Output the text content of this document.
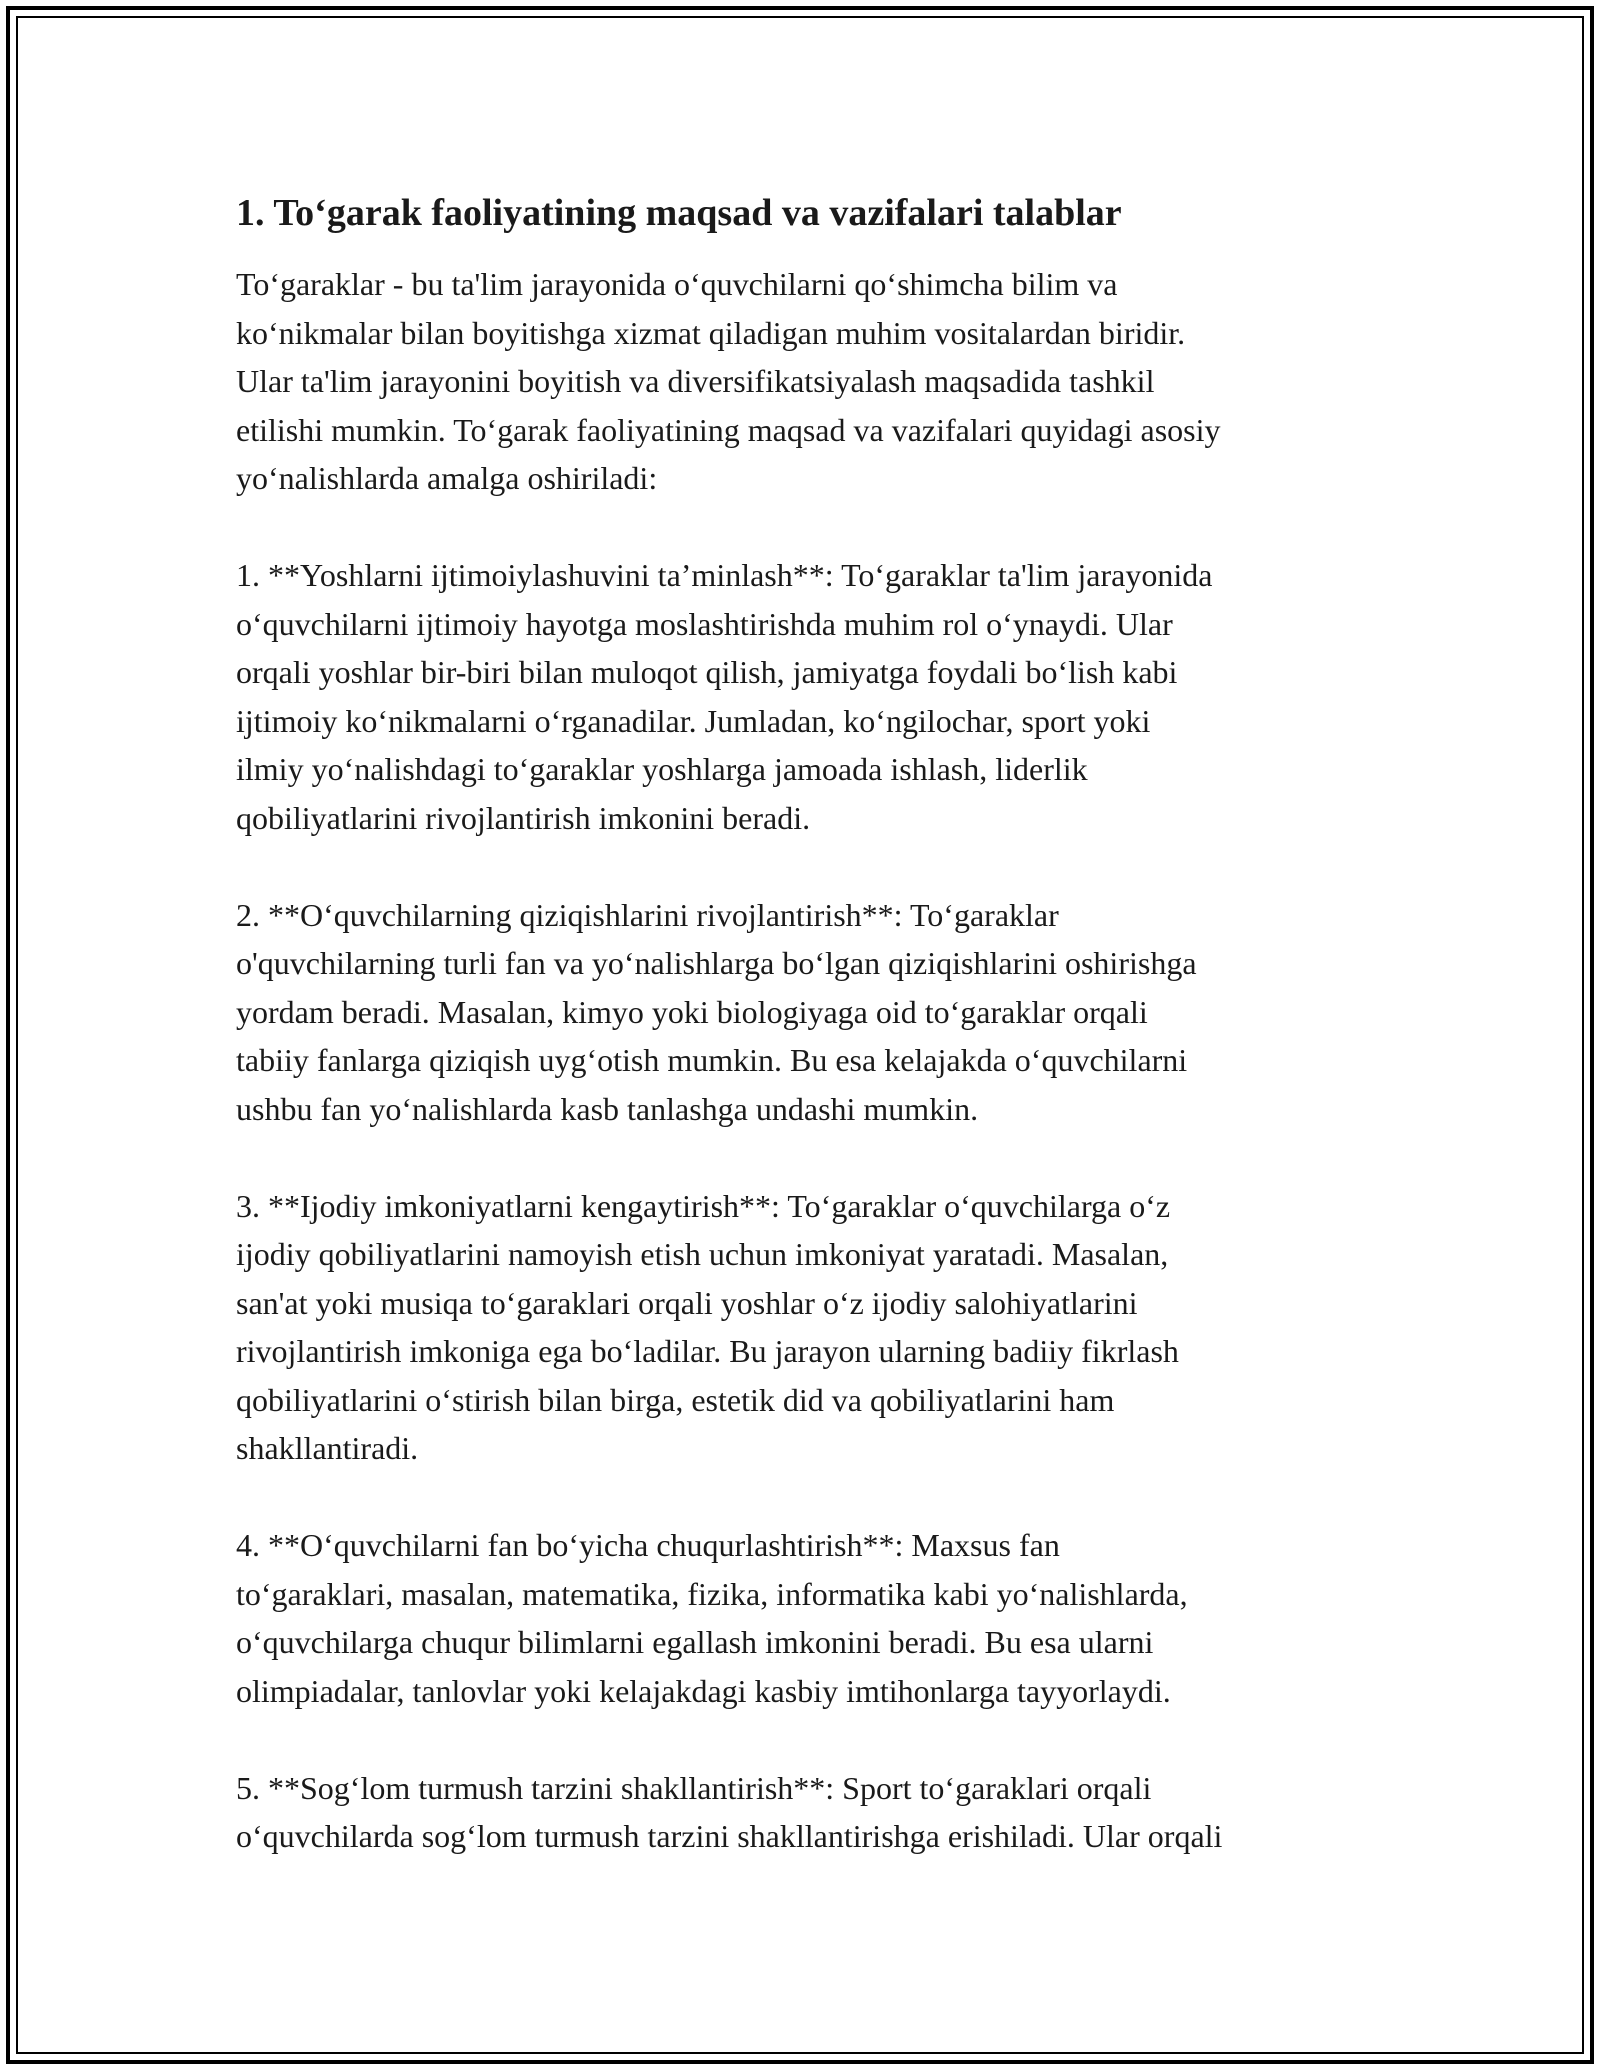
1. To‘garak faoliyatining maqsad va vazifalari talablar

To‘garaklar - bu ta'lim jarayonida o‘quvchilarni qo‘shimcha bilim va
ko‘nikmalar bilan boyitishga xizmat qiladigan muhim vositalardan biridir.
Ular ta'lim jarayonini boyitish va diversifikatsiyalash maqsadida tashkil
etilishi mumkin. To‘garak faoliyatining maqsad va vazifalari quyidagi asosiy
yo‘nalishlarda amalga oshiriladi:

1. **Yoshlarni ijtimoiylashuvini ta’minlash**: To‘garaklar ta'lim jarayonida
o‘quvchilarni ijtimoiy hayotga moslashtirishda muhim rol o‘ynaydi. Ular
orqali yoshlar bir-biri bilan muloqot qilish, jamiyatga foydali bo‘lish kabi
ijtimoiy ko‘nikmalarni o‘rganadilar. Jumladan, ko‘ngilochar, sport yoki
ilmiy yo‘nalishdagi to‘garaklar yoshlarga jamoada ishlash, liderlik
qobiliyatlarini rivojlantirish imkonini beradi.

2. **O‘quvchilarning qiziqishlarini rivojlantirish**: To‘garaklar
o'quvchilarning turli fan va yo‘nalishlarga bo‘lgan qiziqishlarini oshirishga
yordam beradi. Masalan, kimyo yoki biologiyaga oid to‘garaklar orqali
tabiiy fanlarga qiziqish uyg‘otish mumkin. Bu esa kelajakda o‘quvchilarni
ushbu fan yo‘nalishlarda kasb tanlashga undashi mumkin.

3. **Ijodiy imkoniyatlarni kengaytirish**: To‘garaklar o‘quvchilarga o‘z
ijodiy qobiliyatlarini namoyish etish uchun imkoniyat yaratadi. Masalan,
san'at yoki musiqa to‘garaklari orqali yoshlar o‘z ijodiy salohiyatlarini
rivojlantirish imkoniga ega bo‘ladilar. Bu jarayon ularning badiiy fikrlash
qobiliyatlarini o‘stirish bilan birga, estetik did va qobiliyatlarini ham
shakllantiradi.

4. **O‘quvchilarni fan bo‘yicha chuqurlashtirish**: Maxsus fan
to‘garaklari, masalan, matematika, fizika, informatika kabi yo‘nalishlarda,
o‘quvchilarga chuqur bilimlarni egallash imkonini beradi. Bu esa ularni
olimpiadalar, tanlovlar yoki kelajakdagi kasbiy imtihonlarga tayyorlaydi.

5. **Sog‘lom turmush tarzini shakllantirish**: Sport to‘garaklari orqali
o‘quvchilarda sog‘lom turmush tarzini shakllantirishga erishiladi. Ular orqali
